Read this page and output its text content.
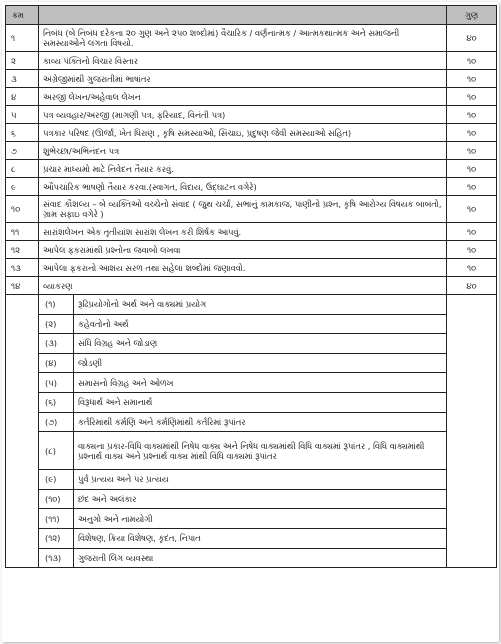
ક્રમ			ગુણ
૧	નિબંધ (બે નિબંધ દરેકના ૨૦ ગુણ અને ૨૫૦ શબ્દોમાં) વૈચારિક / વર્ણનાત્મક / આત્મકથાત્મક અને સમાજની સમસ્યાઓને લગતા વિષયો.		૪૦
૨	કાવ્ય પંક્તિનો વિચાર વિસ્તાર		૧૦
૩	અંગ્રેજીમાંથી ગુજરાતીમાં ભાષાંતર		૧૦
૪	અરજી લેખન/અહેવાલ લેખન		૧૦
૫	પત્ર વ્યવહાર/અરજી (માગણી પત્ર, ફરિયાદ, વિનંતી પત્ર)		૧૦
૬	પત્રકાર પરિષદ (ઊર્જા, ખેત ધિરાણ , કૃષિ સમસ્યાઓ, સિંચાઇ, પ્રદુષણ જેવી સમસ્યાઓ સહિત)		૧૦
૭	શુભેચ્છા/અભિનંદન પત્ર		૧૦
૮	પ્રચાર માધ્યમો માટે નિવેદન તૈયાર કરવું.		૧૦
૯	ઔપચારિક ભાષણો તૈયાર કરવા.(સ્વાગત, વિદાય, ઉદ્ઘાટન વગેરે)		૧૦
૧૦	સંવાદ કૌશલ્ય – બે વ્યક્તિઓ વચ્ચેનો સંવાદ ( જુથ ચર્ચા, સભાનું કામકાજ, પાણીનો પ્રશ્ન, કૃષિ આરોગ્ય વિષયક બાબતો, ગ્રામ સફાઇ વગેરે )		૧૦
૧૧	સારાંશલેખન એક તૃતીયાંશ સારાંશ લેખન કરી શિર્ષક આપવું.		૧૦
૧૨	આપેલ ફકરામાંથી પ્રશ્નોના જવાબો લખવા		૧૦
૧૩	આપેલા ફકરાનો આશય સરળ તથા સહેલા શબ્દોમાં જણાવવો.		૧૦
૧૪	વ્યાકરણ		૪૦
	(૧)	રૂઢિપ્રયોગોનો અર્થ અને વાક્યમાં પ્રયોગ	
	(૨)	કહેવતોનો અર્થ	
	(૩)	સંધિ વિગ્રહ અને જોડાણ	
	(૪)	જોડણી	
	(૫)	સમાસનો વિગ્રહ અને ઓળખ	
	(૬)	વિરૂધાર્થ અને સમાનાર્થ	
	(૭)	કર્તરિમાંથી કર્મણિ અને કર્મણિમાંથી કર્તરિમાં રૂપાંતર	
	(૮)	વાક્યના પ્રકાર-વિધિ વાક્યમાંથી નિષેધ વાક્ય અને નિષેધ વાક્યમાંથી વિધિ વાક્યમાં રૂપાંતર , વિધિ વાક્યમાંથી પ્રશ્નાર્થ વાક્ય અને પ્રશ્નાર્થ વાક્ય માંથી વિધિ વાક્યમાં રૂપાંતર	
	(૯)	પુર્વ પ્રત્યય અને પર પ્રત્યય	
	(૧૦)	છંદ અને અલંકાર	
	(૧૧)	અનુગો અને નામયોગી	
	(૧૨)	વિશેષણ, ક્રિયા વિશેષણ, કૃદંત, નિપાત	
	(૧૩)	ગુજરાતી લિંગ વ્યવસ્થા	
